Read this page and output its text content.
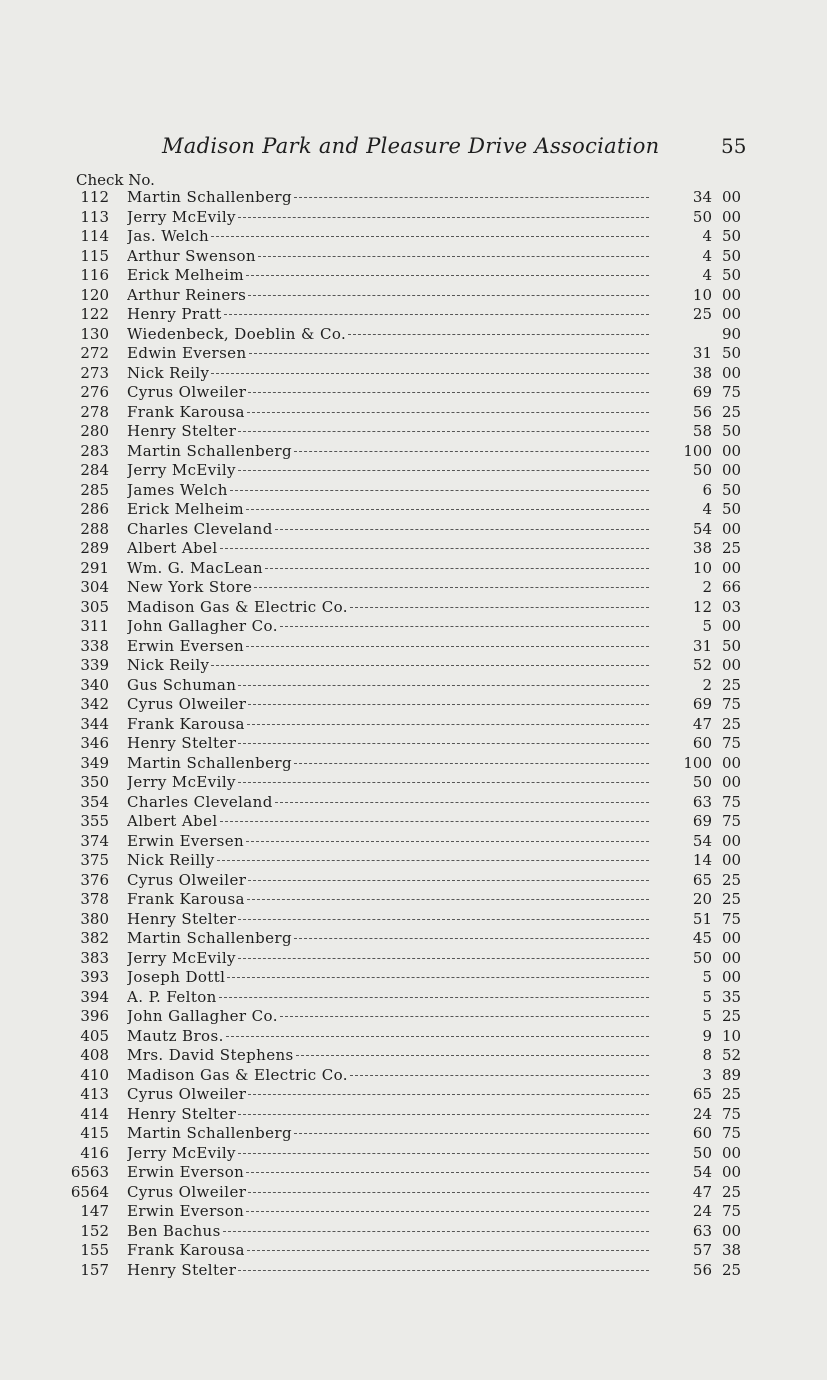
Madison Park and Pleasure Drive Association	55
Check No.
112 Martin Schallenberg	34 00
113 Jerry McEvily	50 00
114 Jas. Welch	4 50
115 Arthur Swenson	4 50
116 Erick Melheim	4 50
120 Arthur Reiners	10 00
122 Henry Pratt	25 00
130 Wiedenbeck, Doeblin & Co.	90
272 Edwin Eversen	31 50
273 Nick Reily	38 00
276 Cyrus Olweiler	69 75
278 Frank Karousa	56 25
280 Henry Stelter	58 50
283 Martin Schallenberg	100 00
284 Jerry McEvily	50 00
285 James Welch	6 50
286 Erick Melheim	4 50
288 Charles Cleveland	54 00
289 Albert Abel	38 25
291 Wm. G. MacLean	10 00
304 New York Store	2 66
305 Madison Gas & Electric Co.	12 03
311 John Gallagher Co.	5 00
338 Erwin Eversen	31 50
339 Nick Reily	52 00
340 Gus Schuman	2 25
342 Cyrus Olweiler	69 75
344 Frank Karousa	47 25
346 Henry Stelter	60 75
349 Martin Schallenberg	100 00
350 Jerry McEvily	50 00
354 Charles Cleveland	63 75
355 Albert Abel	69 75
374 Erwin Eversen	54 00
375 Nick Reilly	14 00
376 Cyrus Olweiler	65 25
378 Frank Karousa	20 25
380 Henry Stelter	51 75
382 Martin Schallenberg	45 00
383 Jerry McEvily	50 00
393 Joseph Dottl	5 00
394 A. P. Felton	5 35
396 John Gallagher Co.	5 25
405 Mautz Bros.	9 10
408 Mrs. David Stephens	8 52
410 Madison Gas & Electric Co.	3 89
413 Cyrus Olweiler	65 25
414 Henry Stelter	24 75
415 Martin Schallenberg	60 75
416 Jerry McEvily	50 00
6563 Erwin Everson	54 00
6564 Cyrus Olweiler	47 25
147 Erwin Everson	24 75
152 Ben Bachus	63 00
155 Frank Karousa	57 38
157 Henry Stelter	56 25
